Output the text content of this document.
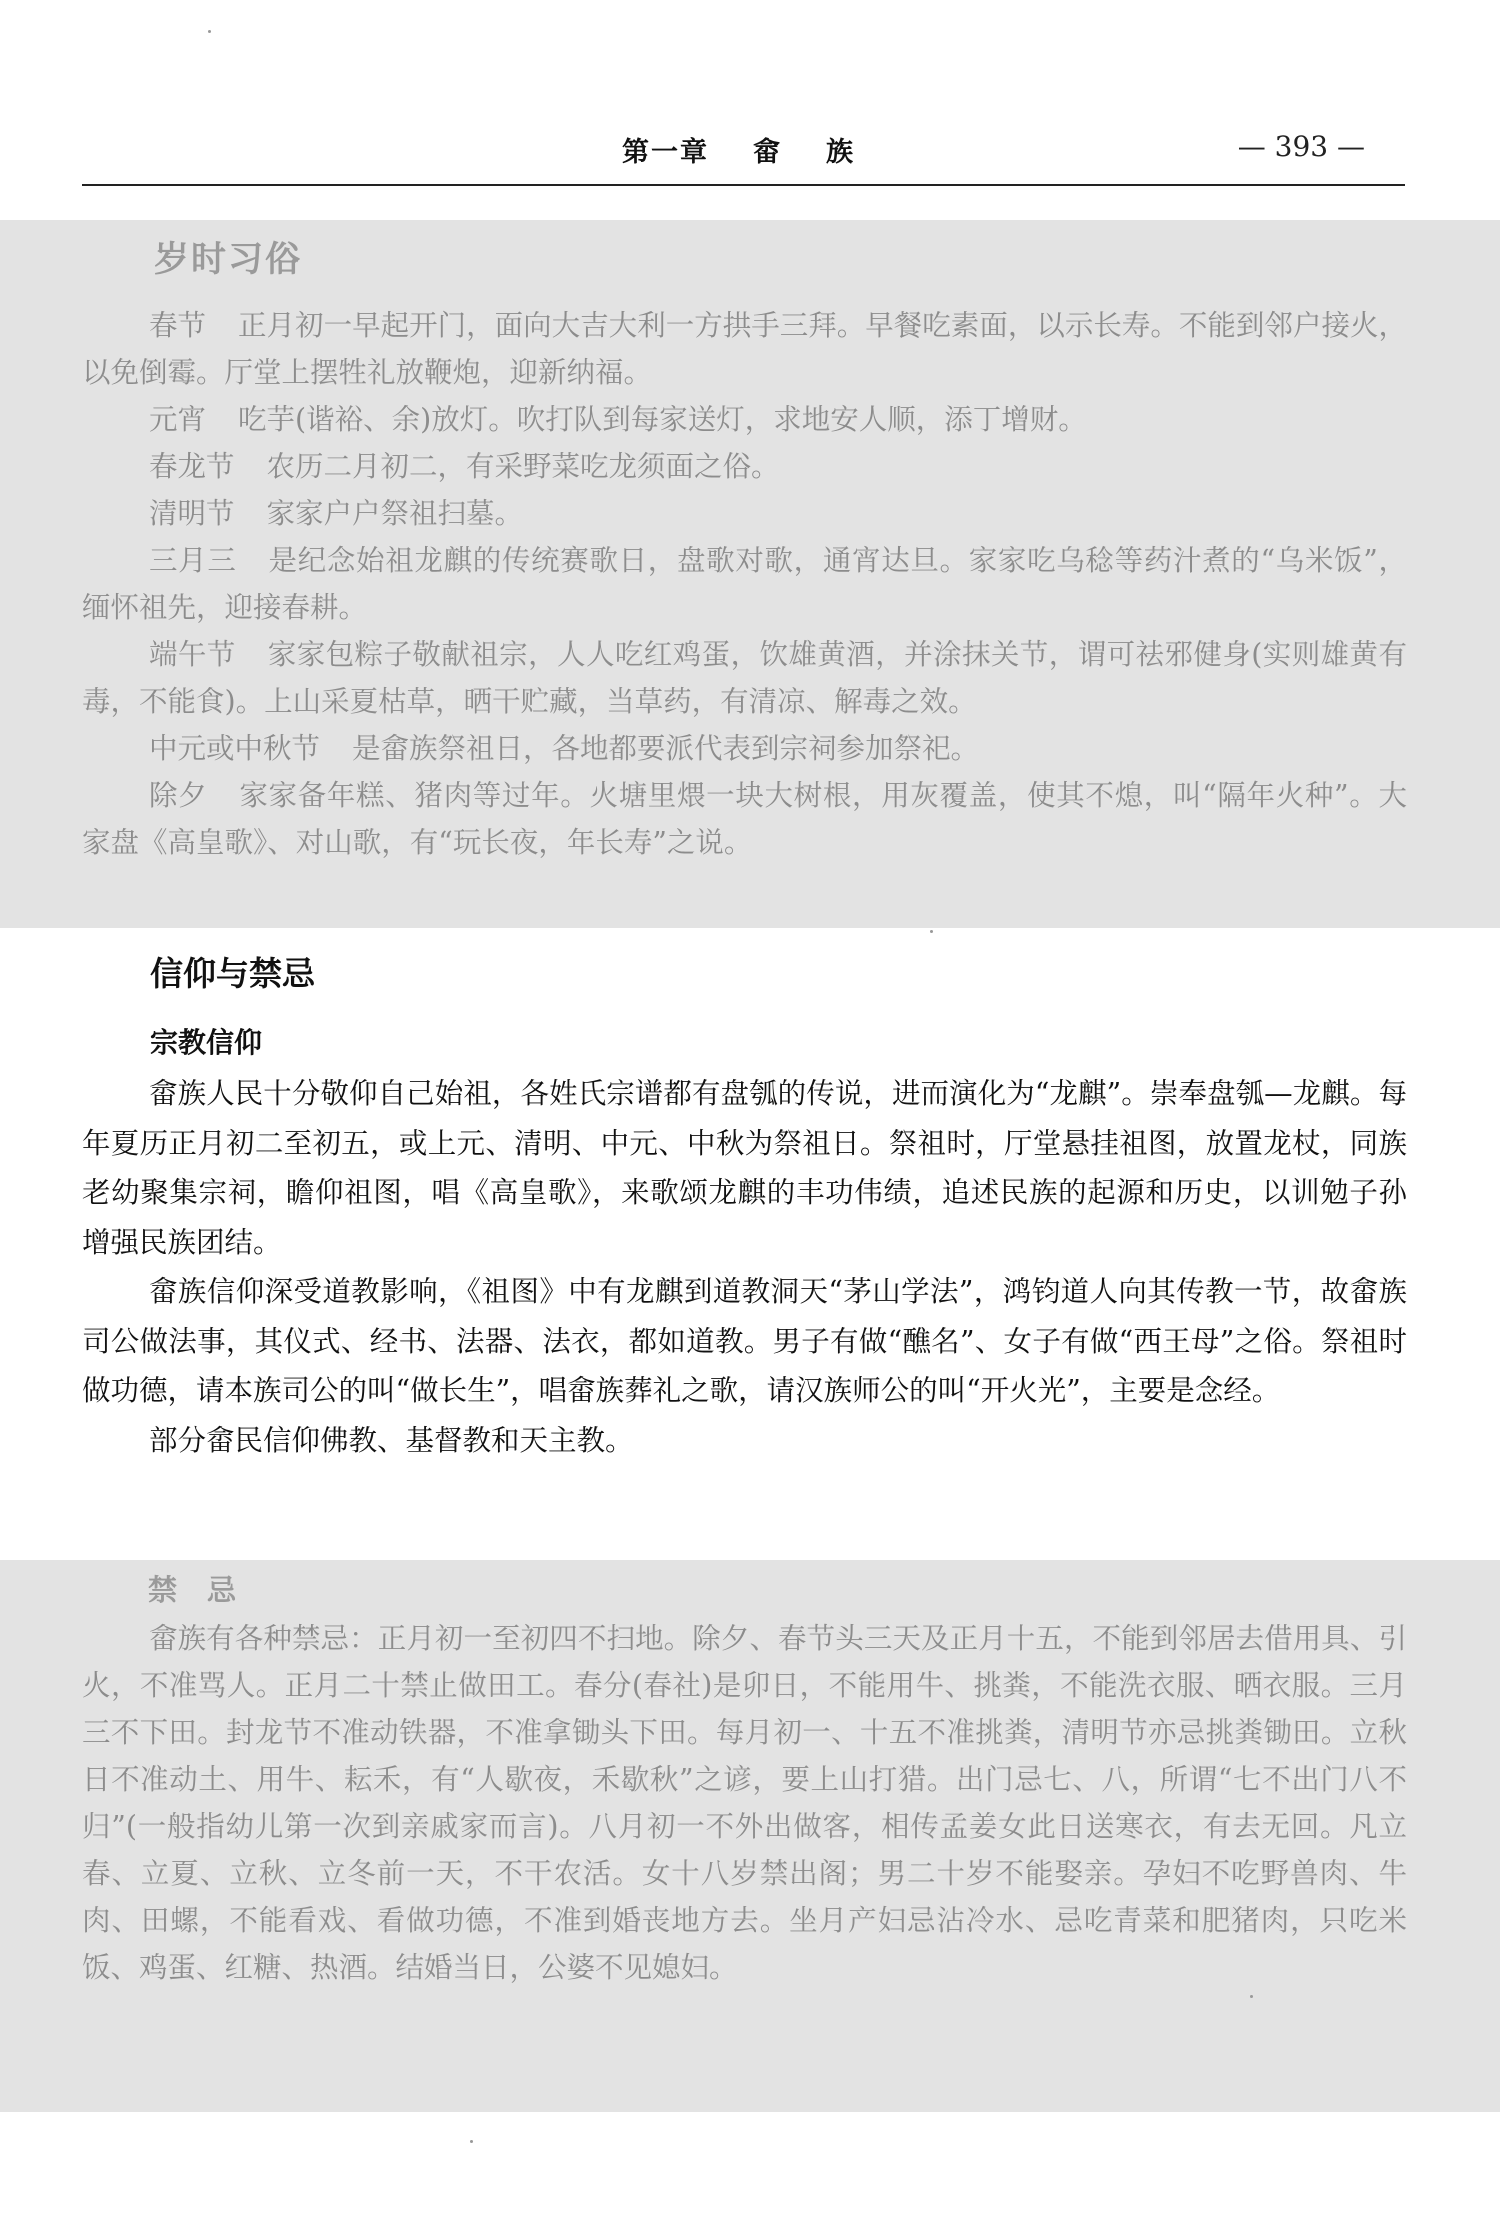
第一章 畲 族	— 393 —
岁时习俗

春节 正月初一早起开门，面向大吉大利一方拱手三拜。早餐吃素面，以示长寿。不能到邻户接火，以免倒霉。厅堂上摆牲礼放鞭炮，迎新纳福。

元宵 吃芋(谐裕、余)放灯。吹打队到每家送灯，求地安人顺，添丁增财。

春龙节 农历二月初二，有采野菜吃龙须面之俗。

清明节 家家户户祭祖扫墓。

三月三 是纪念始祖龙麒的传统赛歌日，盘歌对歌，通宵达旦。家家吃乌稔等药汁煮的“乌米饭”，缅怀祖先，迎接春耕。

端午节 家家包粽子敬献祖宗，人人吃红鸡蛋，饮雄黄酒，并涂抹关节，谓可祛邪健身(实则雄黄有毒，不能食)。上山采夏枯草，晒干贮藏，当草药，有清凉、解毒之效。

中元或中秋节 是畲族祭祖日，各地都要派代表到宗祠参加祭祀。

除夕 家家备年糕、猪肉等过年。火塘里煨一块大树根，用灰覆盖，使其不熄，叫“隔年火种”。大家盘《高皇歌》、对山歌，有“玩长夜，年长寿”之说。

信仰与禁忌
宗教信仰

畲族人民十分敬仰自己始祖，各姓氏宗谱都有盘瓠的传说，进而演化为“龙麒”。崇奉盘瓠—龙麒。每年夏历正月初二至初五，或上元、清明、中元、中秋为祭祖日。祭祖时，厅堂悬挂祖图，放置龙杖，同族老幼聚集宗祠，瞻仰祖图，唱《高皇歌》，来歌颂龙麒的丰功伟绩，追述民族的起源和历史，以训勉子孙增强民族团结。

畲族信仰深受道教影响，《祖图》中有龙麒到道教洞天“茅山学法”，鸿钧道人向其传教一节，故畲族司公做法事，其仪式、经书、法器、法衣，都如道教。男子有做“醮名”、女子有做“西王母”之俗。祭祖时做功德，请本族司公的叫“做长生”，唱畲族葬礼之歌，请汉族师公的叫“开火光”，主要是念经。

部分畲民信仰佛教、基督教和天主教。

禁忌

畲族有各种禁忌：正月初一至初四不扫地。除夕、春节头三天及正月十五，不能到邻居去借用具、引火，不准骂人。正月二十禁止做田工。春分(春社)是卯日，不能用牛、挑粪，不能洗衣服、晒衣服。三月三不下田。封龙节不准动铁器，不准拿锄头下田。每月初一、十五不准挑粪，清明节亦忌挑粪锄田。立秋日不准动土、用牛、耘禾，有“人歇夜，禾歇秋”之谚，要上山打猎。出门忌七、八，所谓“七不出门八不归”(一般指幼儿第一次到亲戚家而言)。八月初一不外出做客，相传孟姜女此日送寒衣，有去无回。凡立春、立夏、立秋、立冬前一天，不干农活。女十八岁禁出阁；男二十岁不能娶亲。孕妇不吃野兽肉、牛肉、田螺，不能看戏、看做功德，不准到婚丧地方去。坐月产妇忌沾冷水、忌吃青菜和肥猪肉，只吃米饭、鸡蛋、红糖、热酒。结婚当日，公婆不见媳妇。
